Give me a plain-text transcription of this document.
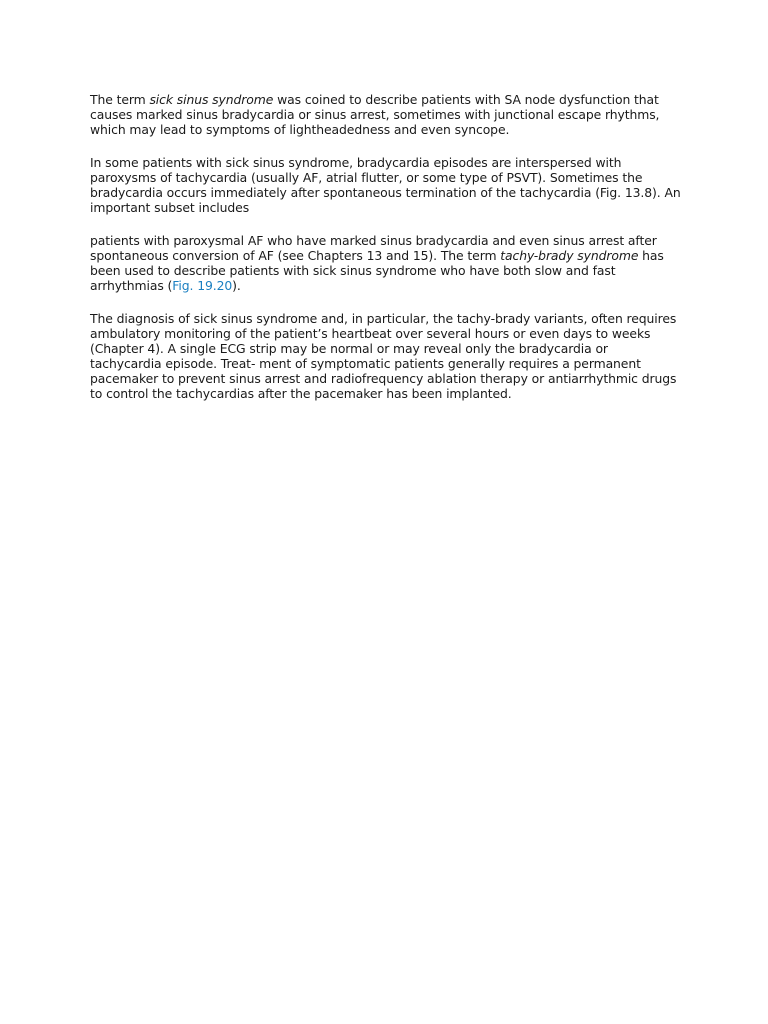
The term sick sinus syndrome was coined to describe patients with SA node dysfunction that causes marked sinus bradycardia or sinus arrest, sometimes with junctional escape rhythms, which may lead to symptoms of lightheadedness and even syncope.

In some patients with sick sinus syndrome, bradycardia episodes are interspersed with paroxysms of tachycardia (usually AF, atrial flutter, or some type of PSVT). Sometimes the bradycardia occurs immediately after spontaneous termination of the tachycardia (Fig. 13.8). An important subset includes

patients with paroxysmal AF who have marked sinus bradycardia and even sinus arrest after spontaneous conversion of AF (see Chapters 13 and 15). The term tachy-brady syndrome has been used to describe patients with sick sinus syndrome who have both slow and fast arrhythmias (Fig. 19.20).

The diagnosis of sick sinus syndrome and, in particular, the tachy-brady variants, often requires ambulatory monitoring of the patient’s heartbeat over several hours or even days to weeks (Chapter 4). A single ECG strip may be normal or may reveal only the bradycardia or tachycardia episode. Treat- ment of symptomatic patients generally requires a permanent pacemaker to prevent sinus arrest and radiofrequency ablation therapy or antiarrhythmic drugs to control the tachycardias after the pacemaker has been implanted.
